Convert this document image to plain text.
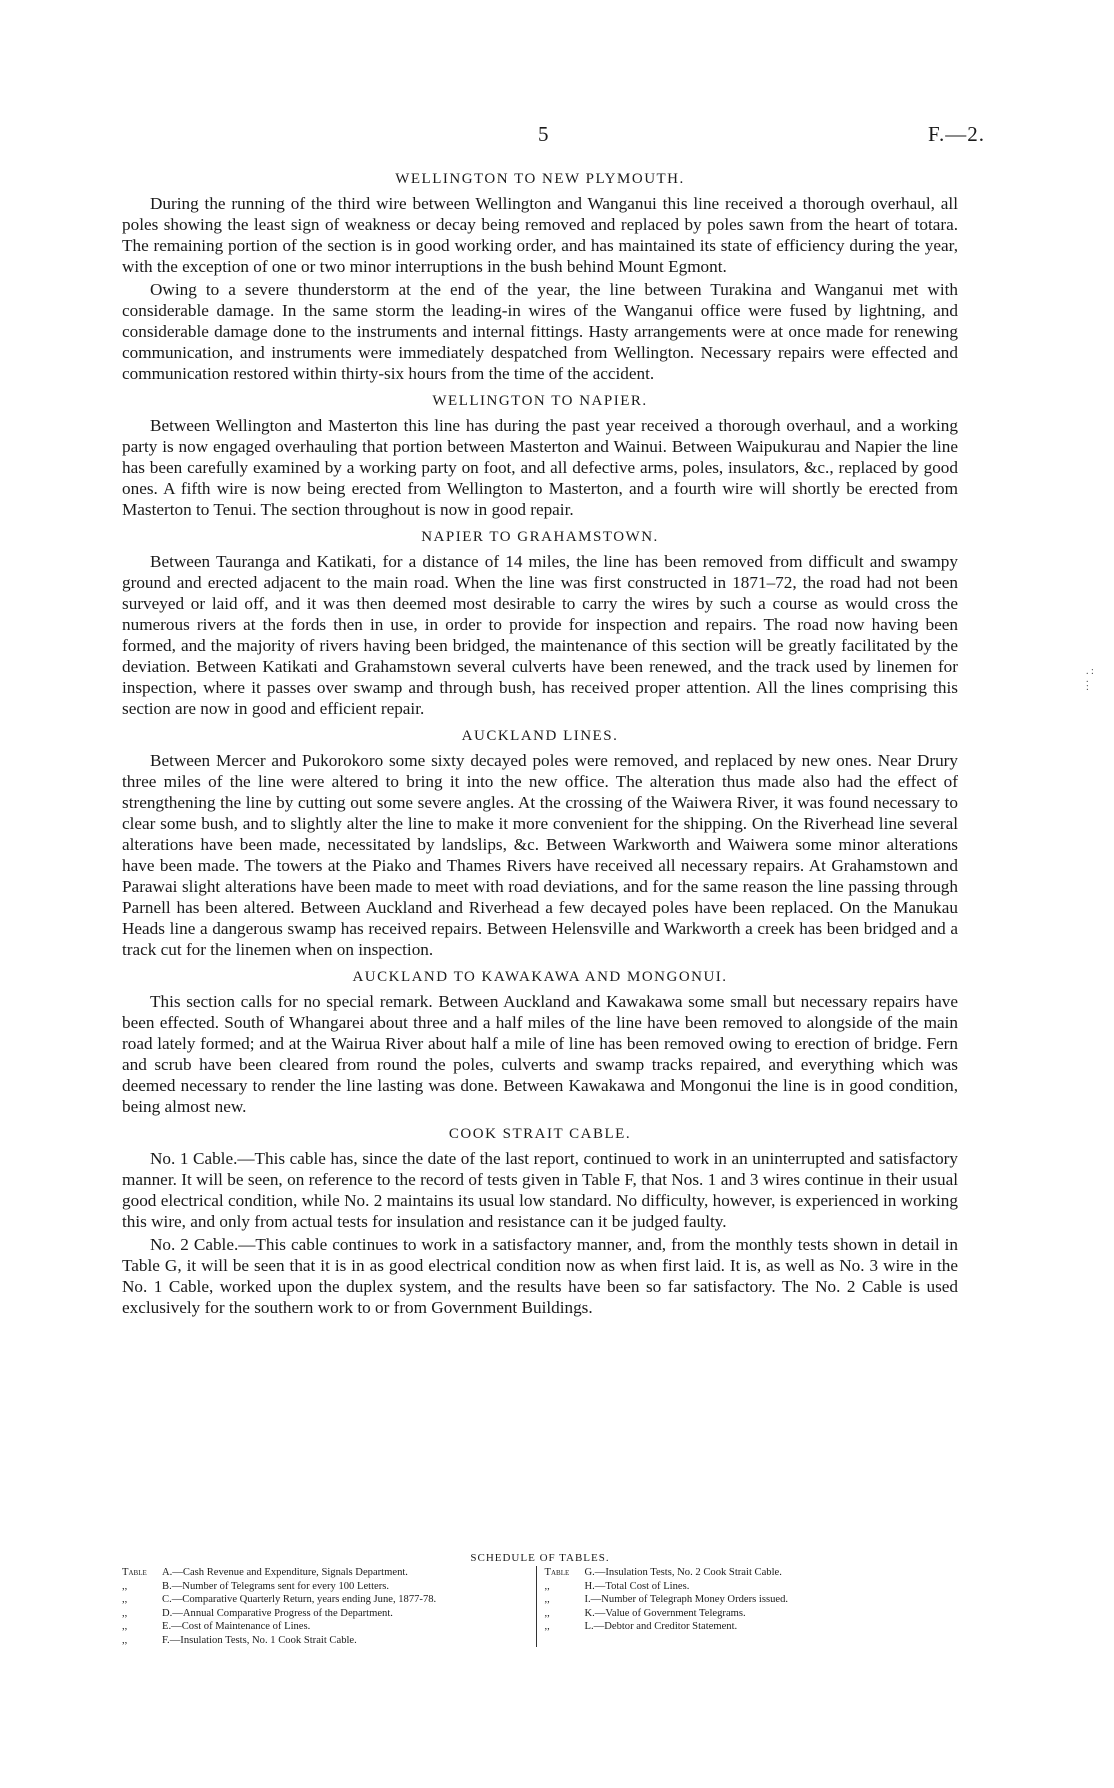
5	F.—2.
WELLINGTON TO NEW PLYMOUTH.

During the running of the third wire between Wellington and Wanganui this line received a thorough overhaul, all poles showing the least sign of weakness or decay being removed and replaced by poles sawn from the heart of totara. The remaining portion of the section is in good working order, and has maintained its state of efficiency during the year, with the exception of one or two minor interruptions in the bush behind Mount Egmont.

Owing to a severe thunderstorm at the end of the year, the line between Turakina and Wanganui met with considerable damage. In the same storm the leading-in wires of the Wanganui office were fused by lightning, and considerable damage done to the instruments and internal fittings. Hasty arrangements were at once made for renewing communication, and instruments were immediately despatched from Wellington. Necessary repairs were effected and communication restored within thirty-six hours from the time of the accident.

WELLINGTON TO NAPIER.

Between Wellington and Masterton this line has during the past year received a thorough overhaul, and a working party is now engaged overhauling that portion between Masterton and Wainui. Between Waipukurau and Napier the line has been carefully examined by a working party on foot, and all defective arms, poles, insulators, &c., replaced by good ones. A fifth wire is now being erected from Wellington to Masterton, and a fourth wire will shortly be erected from Masterton to Tenui. The section throughout is now in good repair.

NAPIER TO GRAHAMSTOWN.

Between Tauranga and Katikati, for a distance of 14 miles, the line has been removed from difficult and swampy ground and erected adjacent to the main road. When the line was first constructed in 1871–72, the road had not been surveyed or laid off, and it was then deemed most desirable to carry the wires by such a course as would cross the numerous rivers at the fords then in use, in order to provide for inspection and repairs. The road now having been formed, and the majority of rivers having been bridged, the maintenance of this section will be greatly facilitated by the deviation. Between Katikati and Grahamstown several culverts have been renewed, and the track used by linemen for inspection, where it passes over swamp and through bush, has received proper attention. All the lines comprising this section are now in good and efficient repair.

AUCKLAND LINES.

Between Mercer and Pukorokoro some sixty decayed poles were removed, and replaced by new ones. Near Drury three miles of the line were altered to bring it into the new office. The alteration thus made also had the effect of strengthening the line by cutting out some severe angles. At the crossing of the Waiwera River, it was found necessary to clear some bush, and to slightly alter the line to make it more convenient for the shipping. On the Riverhead line several alterations have been made, necessitated by landslips, &c. Between Warkworth and Waiwera some minor alterations have been made. The towers at the Piako and Thames Rivers have received all necessary repairs. At Grahamstown and Parawai slight alterations have been made to meet with road deviations, and for the same reason the line passing through Parnell has been altered. Between Auckland and Riverhead a few decayed poles have been replaced. On the Manukau Heads line a dangerous swamp has received repairs. Between Helensville and Warkworth a creek has been bridged and a track cut for the linemen when on inspection.

AUCKLAND TO KAWAKAWA AND MONGONUI.

This section calls for no special remark. Between Auckland and Kawakawa some small but necessary repairs have been effected. South of Whangarei about three and a half miles of the line have been removed to alongside of the main road lately formed; and at the Wairua River about half a mile of line has been removed owing to erection of bridge. Fern and scrub have been cleared from round the poles, culverts and swamp tracks repaired, and everything which was deemed necessary to render the line lasting was done. Between Kawakawa and Mongonui the line is in good condition, being almost new.

COOK STRAIT CABLE.

No. 1 Cable.—This cable has, since the date of the last report, continued to work in an uninterrupted and satisfactory manner. It will be seen, on reference to the record of tests given in Table F, that Nos. 1 and 3 wires continue in their usual good electrical condition, while No. 2 maintains its usual low standard. No difficulty, however, is experienced in working this wire, and only from actual tests for insulation and resistance can it be judged faulty.

No. 2 Cable.—This cable continues to work in a satisfactory manner, and, from the monthly tests shown in detail in Table G, it will be seen that it is in as good electrical condition now as when first laid. It is, as well as No. 3 wire in the No. 1 Cable, worked upon the duplex system, and the results have been so far satisfactory. The No. 2 Cable is used exclusively for the southern work to or from Government Buildings.

. :
.
:
SCHEDULE OF TABLES.
Table	A.—Cash Revenue and Expenditure, Signals Department.
,,	B.—Number of Telegrams sent for every 100 Letters.
,,	C.—Comparative Quarterly Return, years ending June, 1877-78.
,,	D.—Annual Comparative Progress of the Department.
,,	E.—Cost of Maintenance of Lines.
,,	F.—Insulation Tests, No. 1 Cook Strait Cable.
Table	G.—Insulation Tests, No. 2 Cook Strait Cable.
,,	H.—Total Cost of Lines.
,,	I.—Number of Telegraph Money Orders issued.
,,	K.—Value of Government Telegrams.
,,	L.—Debtor and Creditor Statement.
